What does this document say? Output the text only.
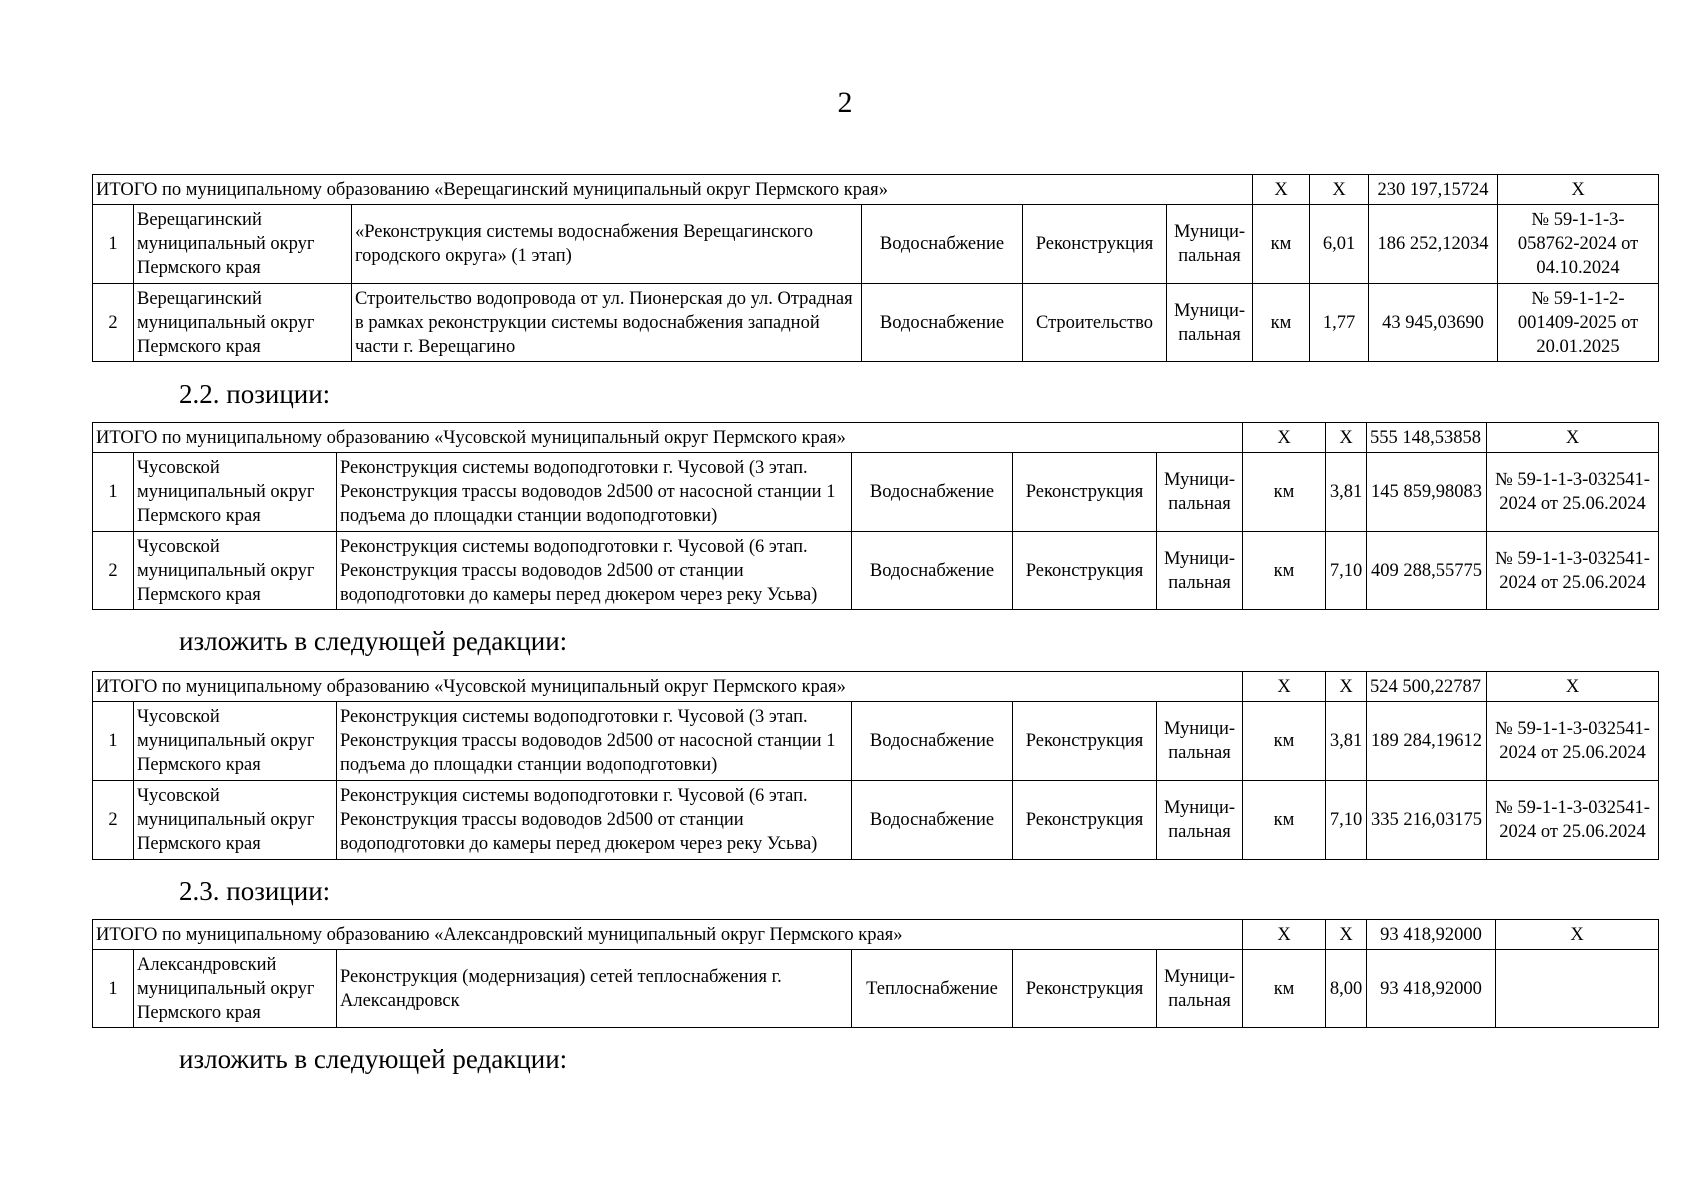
2
ИТОГО по муниципальному образованию «Верещагинский муниципальный округ Пермского края»						Х	Х	230 197,15724	Х
1	Верещагинский муниципальный округ Пермского края	«Реконструкция системы водоснабжения Верещагинского городского округа» (1 этап)	Водоснабжение	Реконструкция	Муници-пальная	км	6,01	186 252,12034	№ 59-1-1-3-058762-2024 от 04.10.2024
2	Верещагинский муниципальный округ Пермского края	Строительство водопровода от ул. Пионерская до ул. Отрадная в рамках реконструкции системы водоснабжения западной части г. Верещагино	Водоснабжение	Строительство	Муници-пальная	км	1,77	43 945,03690	№ 59-1-1-2-001409-2025 от 20.01.2025
2.2. позиции:
ИТОГО по муниципальному образованию «Чусовской муниципальный округ Пермского края»						Х	Х	555 148,53858	Х
1	Чусовской муниципальный округ Пермского края	Реконструкция системы водоподготовки г. Чусовой (3 этап. Реконструкция трассы водоводов 2d500 от насосной станции 1 подъема до площадки станции водоподготовки)	Водоснабжение	Реконструкция	Муници-пальная	км	3,81	145 859,98083	№ 59-1-1-3-032541-2024 от 25.06.2024
2	Чусовской муниципальный округ Пермского края	Реконструкция системы водоподготовки г. Чусовой (6 этап. Реконструкция трассы водоводов 2d500 от станции водоподготовки до камеры перед дюкером через реку Усьва)	Водоснабжение	Реконструкция	Муници-пальная	км	7,10	409 288,55775	№ 59-1-1-3-032541-2024 от 25.06.2024
изложить в следующей редакции:
ИТОГО по муниципальному образованию «Чусовской муниципальный округ Пермского края»						Х	Х	524 500,22787	Х
1	Чусовской муниципальный округ Пермского края	Реконструкция системы водоподготовки г. Чусовой (3 этап. Реконструкция трассы водоводов 2d500 от насосной станции 1 подъема до площадки станции водоподготовки)	Водоснабжение	Реконструкция	Муници-пальная	км	3,81	189 284,19612	№ 59-1-1-3-032541-2024 от 25.06.2024
2	Чусовской муниципальный округ Пермского края	Реконструкция системы водоподготовки г. Чусовой (6 этап. Реконструкция трассы водоводов 2d500 от станции водоподготовки до камеры перед дюкером через реку Усьва)	Водоснабжение	Реконструкция	Муници-пальная	км	7,10	335 216,03175	№ 59-1-1-3-032541-2024 от 25.06.2024
2.3. позиции:
ИТОГО по муниципальному образованию «Александровский муниципальный округ Пермского края»						Х	Х	93 418,92000	Х
1	Александровский муниципальный округ Пермского края	Реконструкция (модернизация) сетей теплоснабжения г. Александровск	Теплоснабжение	Реконструкция	Муници-пальная	км	8,00	93 418,92000	
изложить в следующей редакции:
